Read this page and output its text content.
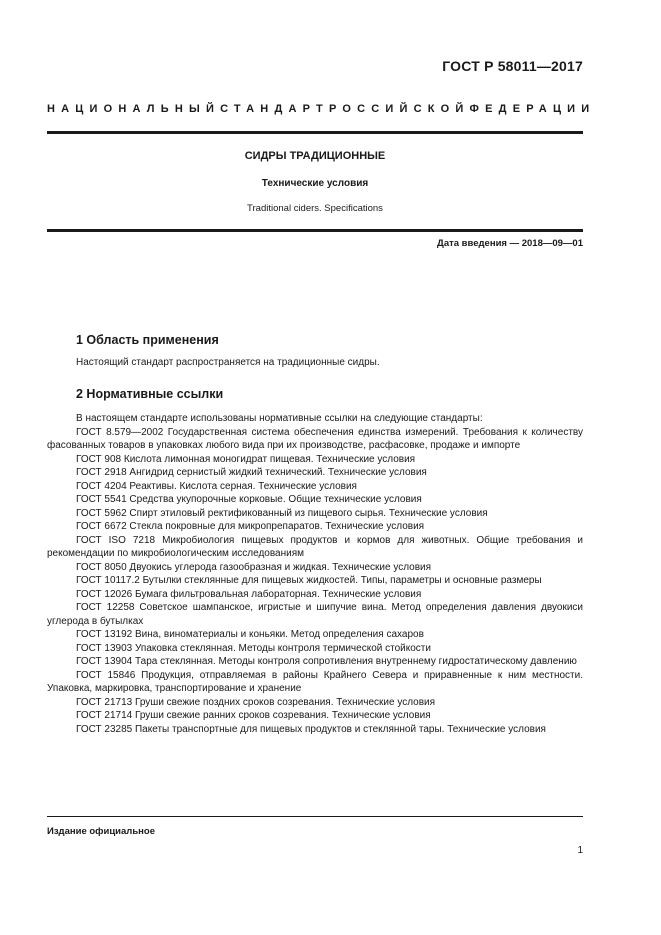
ГОСТ Р 58011—2017
НАЦИОНАЛЬНЫЙ СТАНДАРТ РОССИЙСКОЙ ФЕДЕРАЦИИ
СИДРЫ ТРАДИЦИОННЫЕ
Технические условия
Traditional ciders. Specifications
Дата введения — 2018—09—01
1 Область применения
Настоящий стандарт распространяется на традиционные сидры.
2 Нормативные ссылки

В настоящем стандарте использованы нормативные ссылки на следующие стандарты:

ГОСТ 8.579—2002 Государственная система обеспечения единства измерений. Требования к количеству фасованных товаров в упаковках любого вида при их производстве, расфасовке, продаже и импорте

ГОСТ 908 Кислота лимонная моногидрат пищевая. Технические условия

ГОСТ 2918 Ангидрид сернистый жидкий технический. Технические условия

ГОСТ 4204 Реактивы. Кислота серная. Технические условия

ГОСТ 5541 Средства укупорочные корковые. Общие технические условия

ГОСТ 5962 Спирт этиловый ректификованный из пищевого сырья. Технические условия

ГОСТ 6672 Стекла покровные для микропрепаратов. Технические условия

ГОСТ ISO 7218 Микробиология пищевых продуктов и кормов для животных. Общие требования и рекомендации по микробиологическим исследованиям

ГОСТ 8050 Двуокись углерода газообразная и жидкая. Технические условия

ГОСТ 10117.2 Бутылки стеклянные для пищевых жидкостей. Типы, параметры и основные размеры

ГОСТ 12026 Бумага фильтровальная лабораторная. Технические условия

ГОСТ 12258 Советское шампанское, игристые и шипучие вина. Метод определения давления двуокиси углерода в бутылках

ГОСТ 13192 Вина, виноматериалы и коньяки. Метод определения сахаров

ГОСТ 13903 Упаковка стеклянная. Методы контроля термической стойкости

ГОСТ 13904 Тара стеклянная. Методы контроля сопротивления внутреннему гидростатическому давлению

ГОСТ 15846 Продукция, отправляемая в районы Крайнего Севера и приравненные к ним местности. Упаковка, маркировка, транспортирование и хранение

ГОСТ 21713 Груши свежие поздних сроков созревания. Технические условия

ГОСТ 21714 Груши свежие ранних сроков созревания. Технические условия

ГОСТ 23285 Пакеты транспортные для пищевых продуктов и стеклянной тары. Технические условия

Издание официальное
1
